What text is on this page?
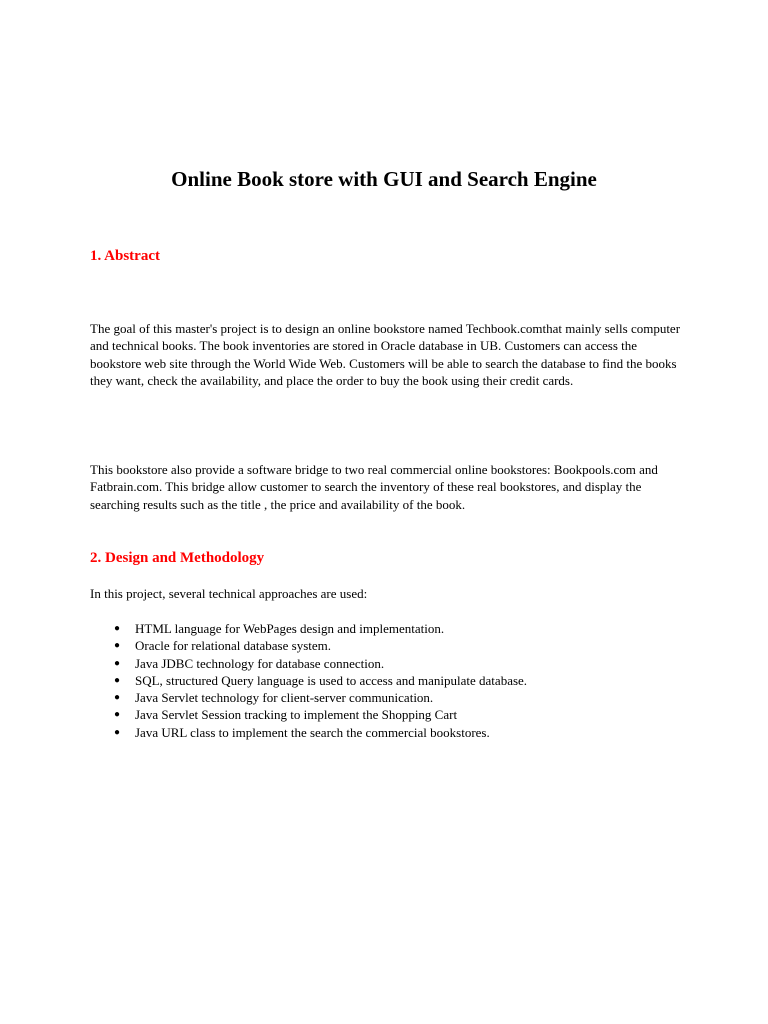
Online Book store with GUI and Search Engine
1. Abstract

The goal of this master's project is to design an online bookstore named Techbook.comthat mainly sells computer and technical books. The book inventories are stored in Oracle database in UB. Customers can access the bookstore web site through the World Wide Web. Customers will be able to search the database to find the books they want, check the availability, and place the order to buy the book using their credit cards.

This bookstore also provide a software bridge to two real commercial online bookstores: Bookpools.com and Fatbrain.com. This bridge allow customer to search the inventory of these real bookstores, and display the searching results such as the title , the price and availability of the book.

2. Design and Methodology

In this project, several technical approaches are used:

● HTML language for WebPages design and implementation.
● Oracle for relational database system.
● Java JDBC technology for database connection.
● SQL, structured Query language is used to access and manipulate database.
● Java Servlet technology for client-server communication.
● Java Servlet Session tracking to implement the Shopping Cart
● Java URL class to implement the search the commercial bookstores.
